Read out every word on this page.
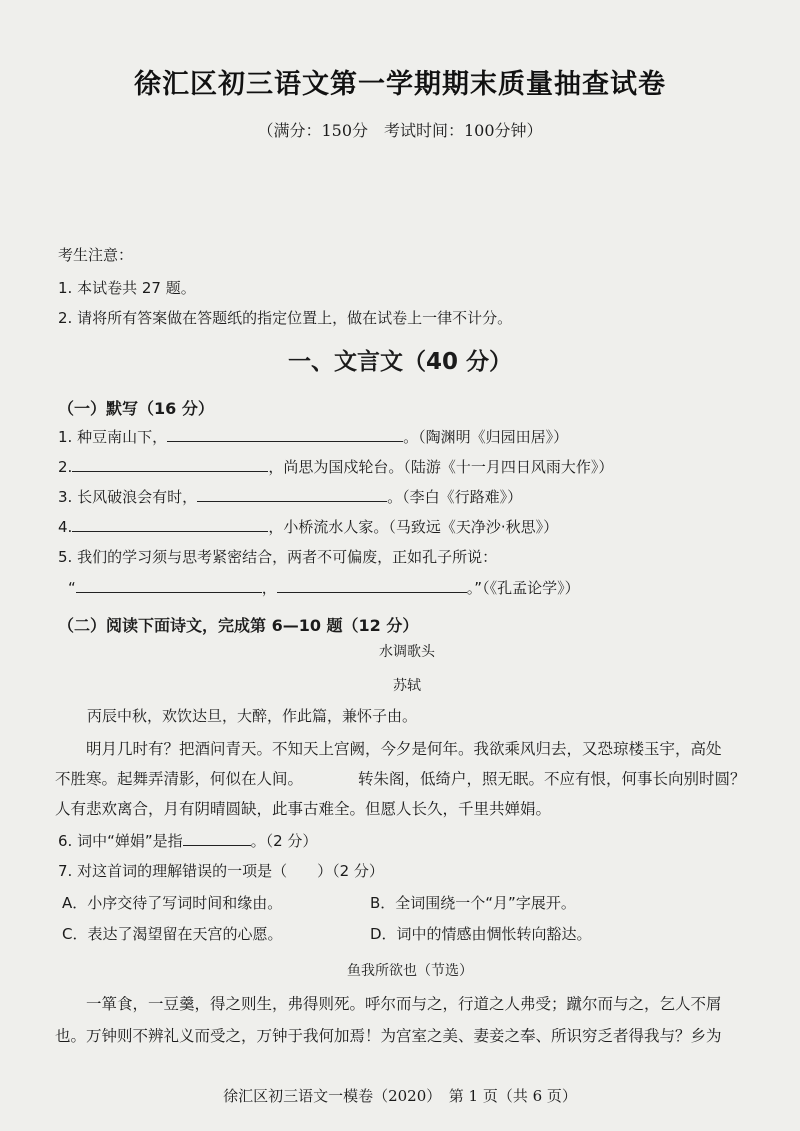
徐汇区初三语文第一学期期末质量抽查试卷
（满分：150分　考试时间：100分钟）
考生注意：
1. 本试卷共 27 题。
2. 请将所有答案做在答题纸的指定位置上，做在试卷上一律不计分。
一、文言文（40 分）
（一）默写（16 分）
1. 种豆南山下，	。（陶渊明《归园田居》）
2.	，尚思为国戍轮台。（陆游《十一月四日风雨大作》）
3. 长风破浪会有时，	。（李白《行路难》）
4.	，小桥流水人家。（马致远《天净沙·秋思》）
5. 我们的学习须与思考紧密结合，两者不可偏废，正如孔子所说：
“	，	。”（《孔孟论学》）
（二）阅读下面诗文，完成第 6—10 题（12 分）
水调歌头
苏轼
丙辰中秋，欢饮达旦，大醉，作此篇，兼怀子由。
明月几时有？把酒问青天。不知天上宫阙，今夕是何年。我欲乘风归去，又恐琼楼玉宇，高处
不胜寒。起舞弄清影，何似在人间。	转朱阁，低绮户，照无眠。不应有恨，何事长向别时圆？
人有悲欢离合，月有阴晴圆缺，此事古难全。但愿人长久，千里共婵娟。
6. 词中“婵娟”是指	。（2 分）
7. 对这首词的理解错误的一项是（　　）（2 分）
A．小序交待了写词时间和缘由。	B．全词围绕一个“月”字展开。
C．表达了渴望留在天宫的心愿。	D．词中的情感由惆怅转向豁达。
鱼我所欲也（节选）
一箪食，一豆羹，得之则生，弗得则死。呼尔而与之，行道之人弗受；蹴尔而与之，乞人不屑
也。万钟则不辨礼义而受之，万钟于我何加焉！为宫室之美、妻妾之奉、所识穷乏者得我与？乡为
徐汇区初三语文一模卷（2020）　第 1 页（共 6 页）
